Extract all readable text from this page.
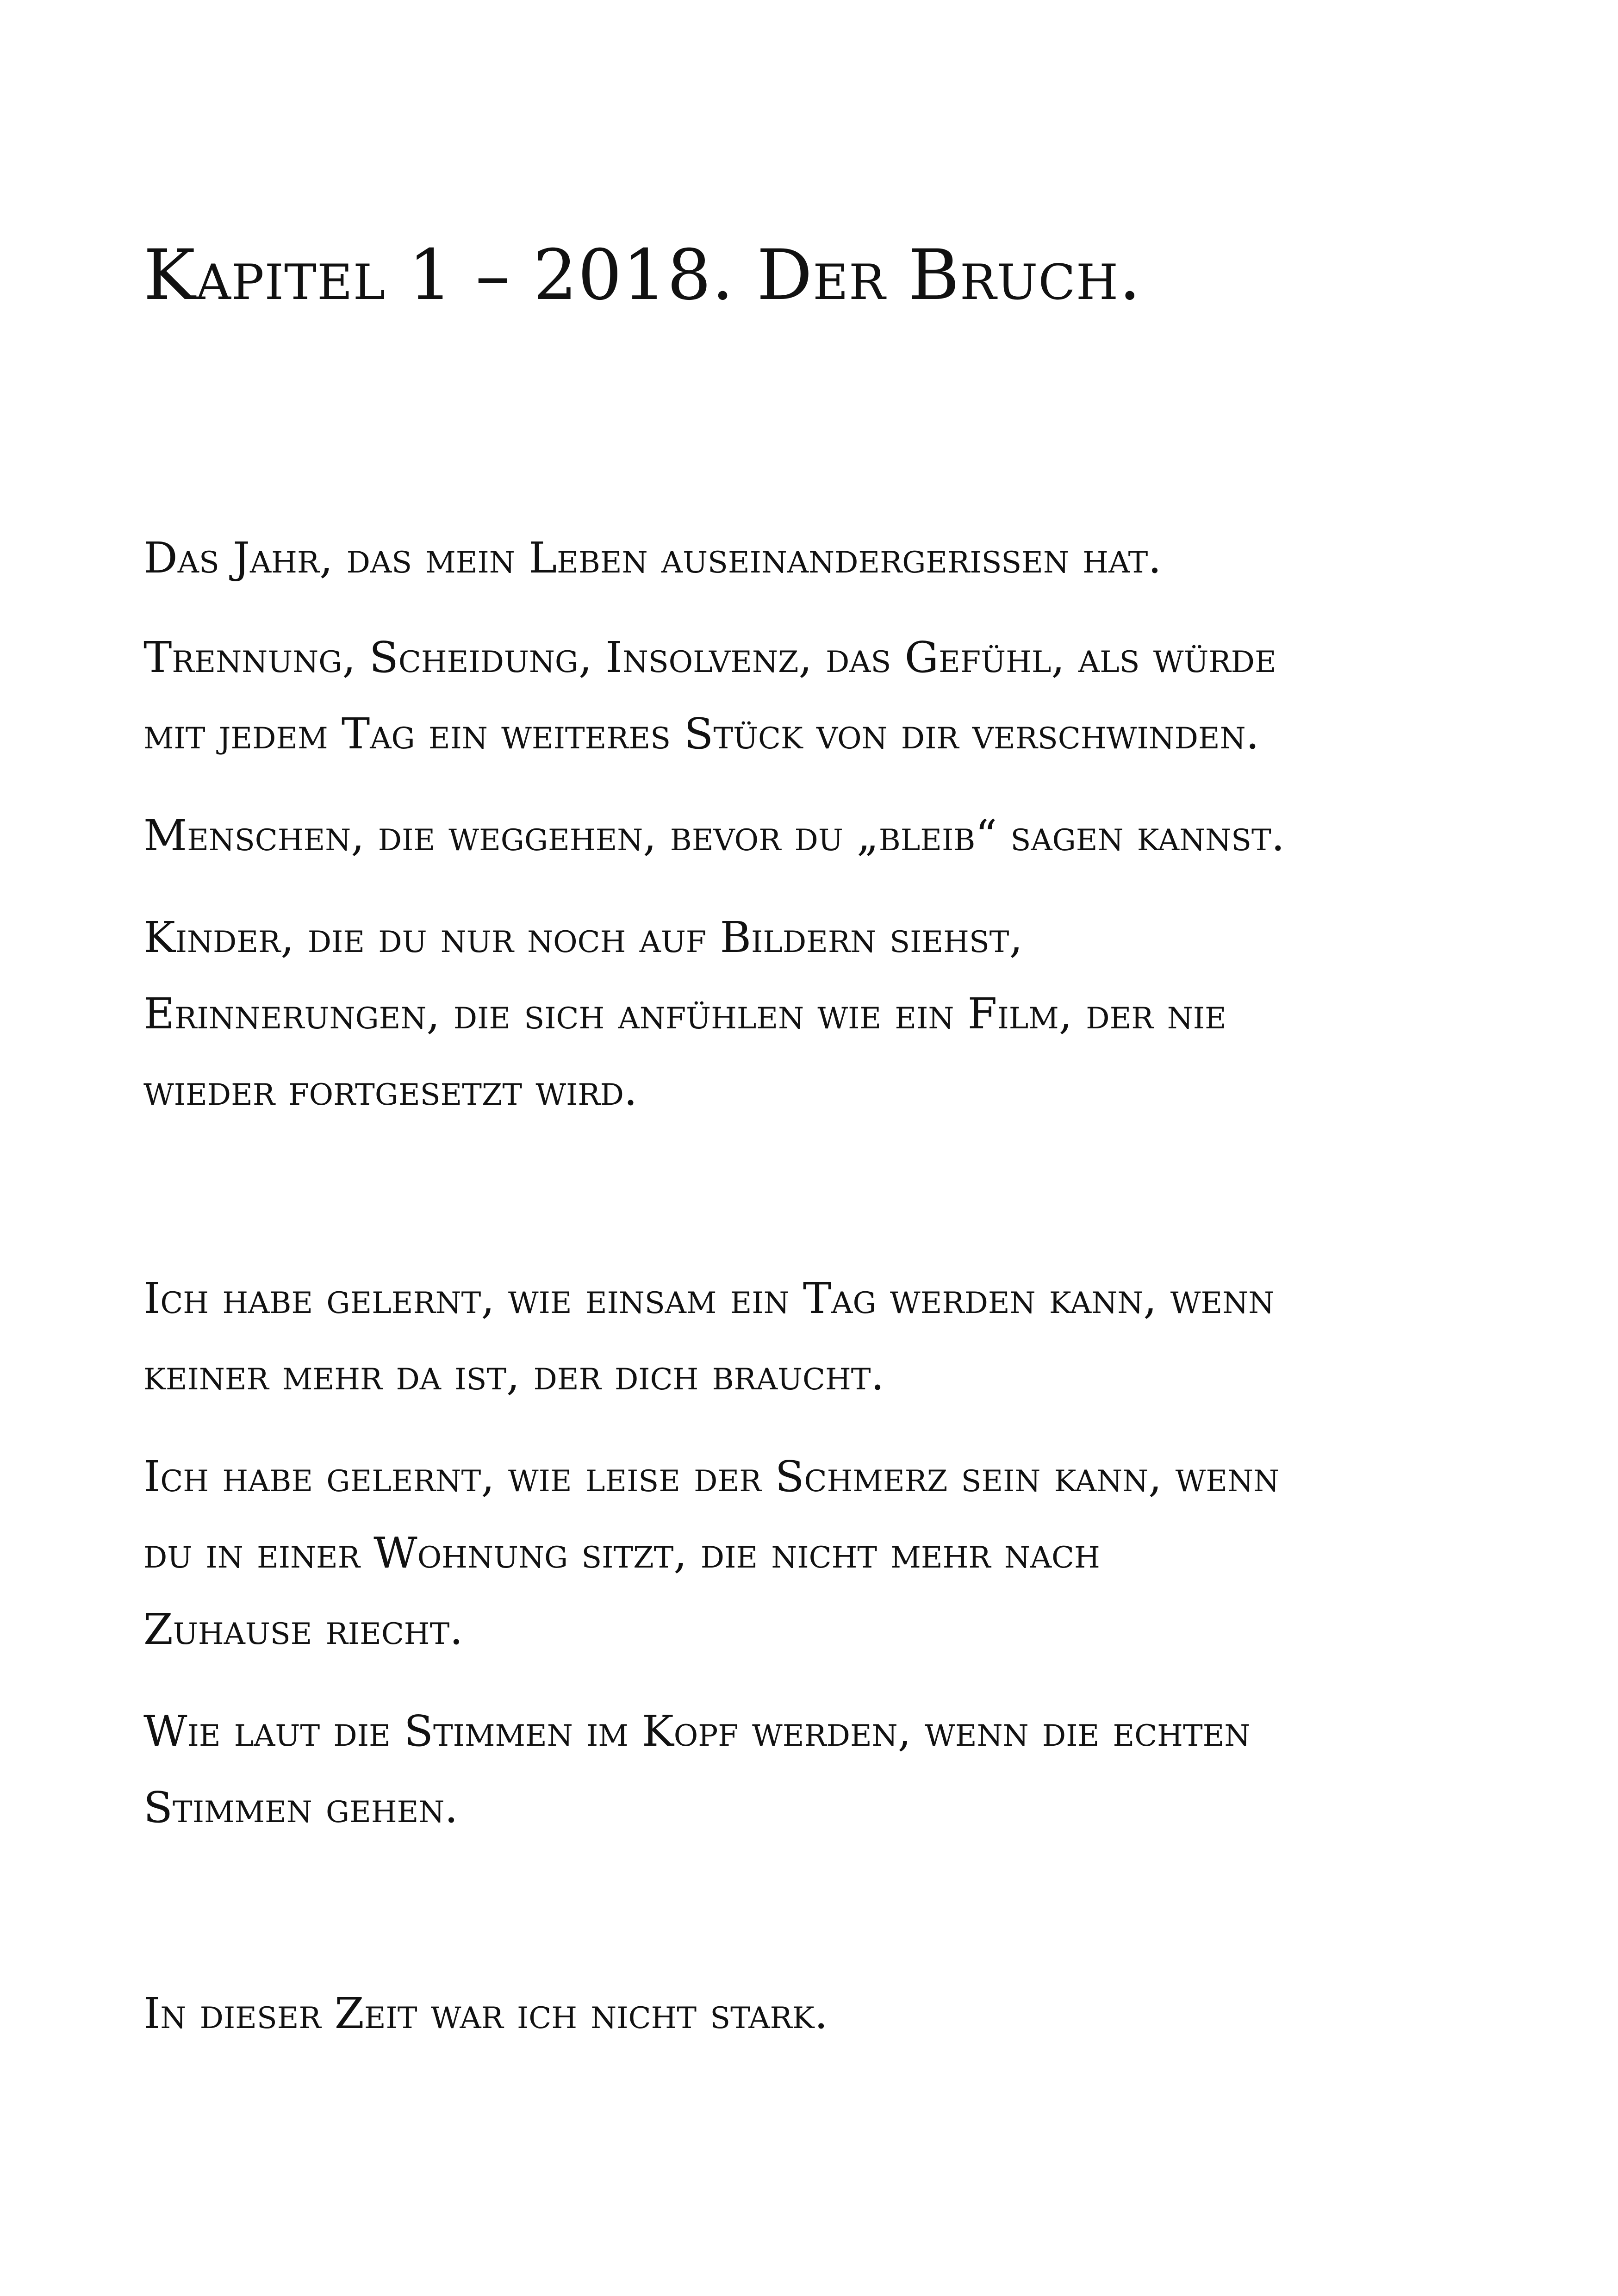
Kapitel 1 – 2018. Der Bruch.

Das Jahr, das mein Leben auseinandergerissen hat.

Trennung, Scheidung, Insolvenz, das Gefühl, als würde

mit jedem Tag ein weiteres Stück von dir verschwinden.

Menschen, die weggehen, bevor du „bleib“ sagen kannst.

Kinder, die du nur noch auf Bildern siehst,

Erinnerungen, die sich anfühlen wie ein Film, der nie

wieder fortgesetzt wird.

Ich habe gelernt, wie einsam ein Tag werden kann, wenn

keiner mehr da ist, der dich braucht.

Ich habe gelernt, wie leise der Schmerz sein kann, wenn

du in einer Wohnung sitzt, die nicht mehr nach

Zuhause riecht.

Wie laut die Stimmen im Kopf werden, wenn die echten

Stimmen gehen.

In dieser Zeit war ich nicht stark.
